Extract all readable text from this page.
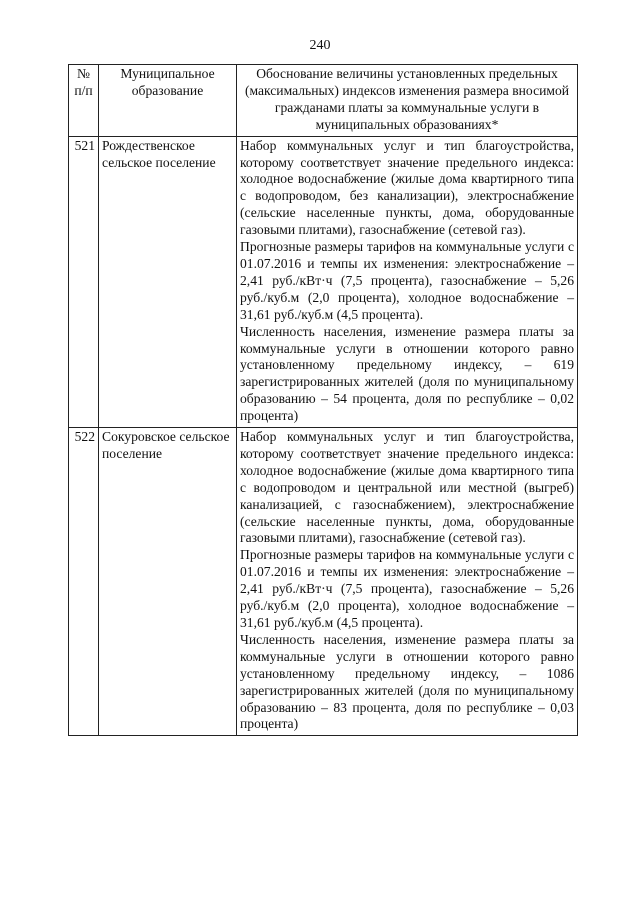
240
№ п/п	Муниципальное образование	Обоснование величины установленных предельных (максимальных) индексов изменения размера вносимой гражданами платы за коммунальные услуги в муниципальных образованиях*
521	Рождественское сельское поселение	Набор коммунальных услуг и тип благоустройства, которому соответствует значение предельного индекса: холодное водоснабжение (жилые дома квартирного типа с водопроводом, без канализации), электроснабжение (сельские населенные пункты, дома, оборудованные газовыми плитами), газоснабжение (сетевой газ).

Прогнозные размеры тарифов на коммунальные услуги с 01.07.2016 и темпы их изменения: электроснабжение – 2,41 руб./кВт·ч (7,5 процента), газоснабжение – 5,26 руб./куб.м (2,0 процента), холодное водоснабжение – 31,61 руб./куб.м (4,5 процента).

Численность населения, изменение размера платы за коммунальные услуги в отношении которого равно установленному предельному индексу, – 619 зарегистрированных жителей (доля по муниципальному образованию – 54 процента, доля по республике – 0,02 процента)

522	Сокуровское сельское поселение	Набор коммунальных услуг и тип благоустройства, которому соответствует значение предельного индекса: холодное водоснабжение (жилые дома квартирного типа с водопроводом и центральной или местной (выгреб) канализацией, с газоснабжением), электроснабжение (сельские населенные пункты, дома, оборудованные газовыми плитами), газоснабжение (сетевой газ).

Прогнозные размеры тарифов на коммунальные услуги с 01.07.2016 и темпы их изменения: электроснабжение – 2,41 руб./кВт·ч (7,5 процента), газоснабжение – 5,26 руб./куб.м (2,0 процента), холодное водоснабжение – 31,61 руб./куб.м (4,5 процента).

Численность населения, изменение размера платы за коммунальные услуги в отношении которого равно установленному предельному индексу, – 1086 зарегистрированных жителей (доля по муниципальному образованию – 83 процента, доля по республике – 0,03 процента)
